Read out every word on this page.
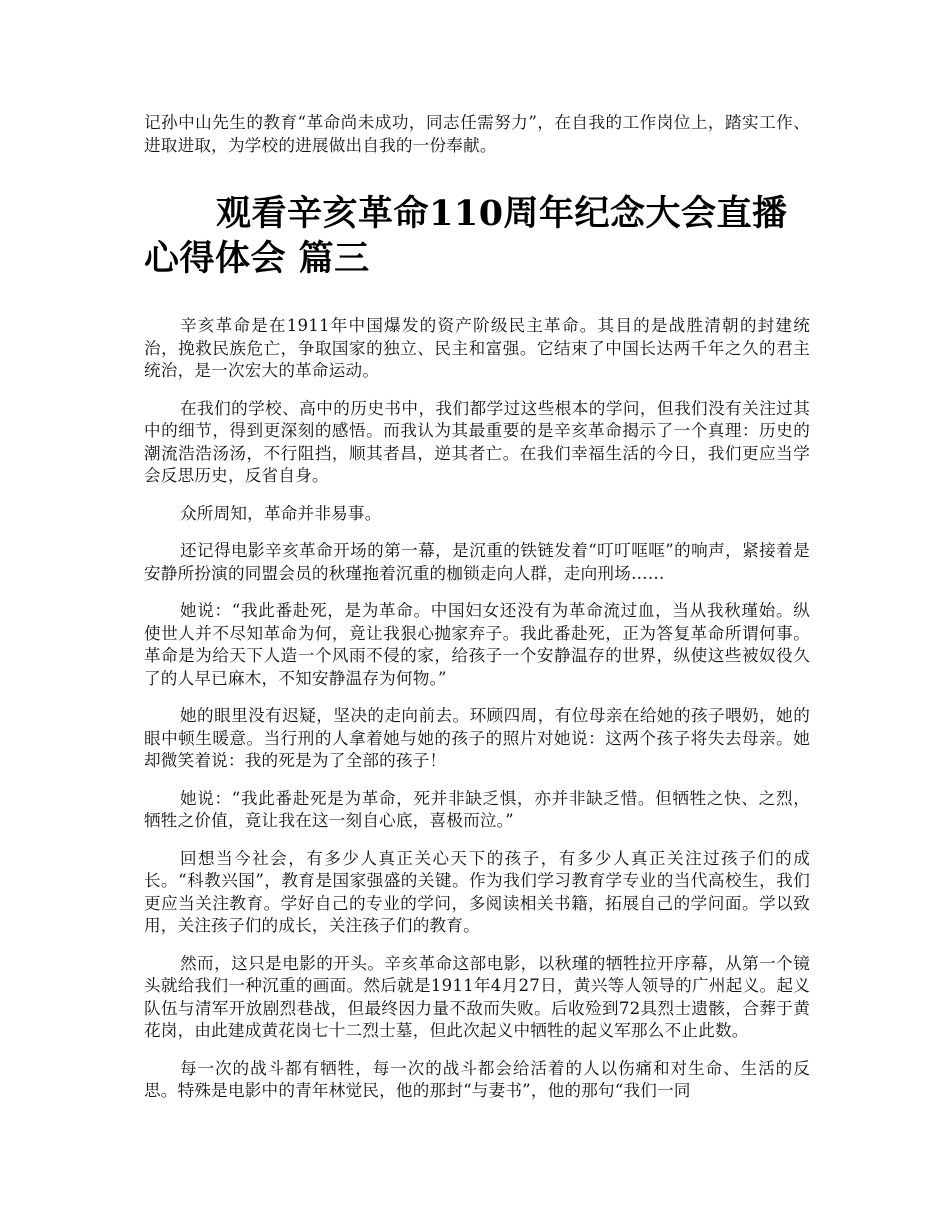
记孙中山先生的教育“革命尚未成功，同志任需努力”，在自我的工作岗位上，踏实工作、进取进取，为学校的进展做出自我的一份奉献。

观看辛亥革命110周年纪念大会直播心得体会 篇三

辛亥革命是在1911年中国爆发的资产阶级民主革命。其目的是战胜清朝的封建统治，挽救民族危亡，争取国家的独立、民主和富强。它结束了中国长达两千年之久的君主统治，是一次宏大的革命运动。

在我们的学校、高中的历史书中，我们都学过这些根本的学问，但我们没有关注过其中的细节，得到更深刻的感悟。而我认为其最重要的是辛亥革命揭示了一个真理：历史的潮流浩浩汤汤，不行阻挡，顺其者昌，逆其者亡。在我们幸福生活的今日，我们更应当学会反思历史，反省自身。

众所周知，革命并非易事。

还记得电影辛亥革命开场的第一幕，是沉重的铁链发着“叮叮哐哐”的响声，紧接着是安静所扮演的同盟会员的秋瑾拖着沉重的枷锁走向人群，走向刑场……

她说：“我此番赴死，是为革命。中国妇女还没有为革命流过血，当从我秋瑾始。纵使世人并不尽知革命为何，竟让我狠心抛家弃子。我此番赴死，正为答复革命所谓何事。革命是为给天下人造一个风雨不侵的家，给孩子一个安静温存的世界，纵使这些被奴役久了的人早已麻木，不知安静温存为何物。”

她的眼里没有迟疑，坚决的走向前去。环顾四周，有位母亲在给她的孩子喂奶，她的眼中顿生暖意。当行刑的人拿着她与她的孩子的照片对她说：这两个孩子将失去母亲。她却微笑着说：我的死是为了全部的孩子！

她说：“我此番赴死是为革命，死并非缺乏惧，亦并非缺乏惜。但牺牲之快、之烈，牺牲之价值，竟让我在这一刻自心底，喜极而泣。”

回想当今社会，有多少人真正关心天下的孩子，有多少人真正关注过孩子们的成长。“科教兴国”，教育是国家强盛的关键。作为我们学习教育学专业的当代高校生，我们更应当关注教育。学好自己的专业的学问，多阅读相关书籍，拓展自己的学问面。学以致用，关注孩子们的成长，关注孩子们的教育。

然而，这只是电影的开头。辛亥革命这部电影，以秋瑾的牺牲拉开序幕，从第一个镜头就给我们一种沉重的画面。然后就是1911年4月27日，黄兴等人领导的广州起义。起义队伍与清军开放剧烈巷战，但最终因力量不敌而失败。后收殓到72具烈士遗骸，合葬于黄花岗，由此建成黄花岗七十二烈士墓，但此次起义中牺牲的起义军那么不止此数。

每一次的战斗都有牺牲，每一次的战斗都会给活着的人以伤痛和对生命、生活的反思。特殊是电影中的青年林觉民，他的那封“与妻书”，他的那句“我们一同
